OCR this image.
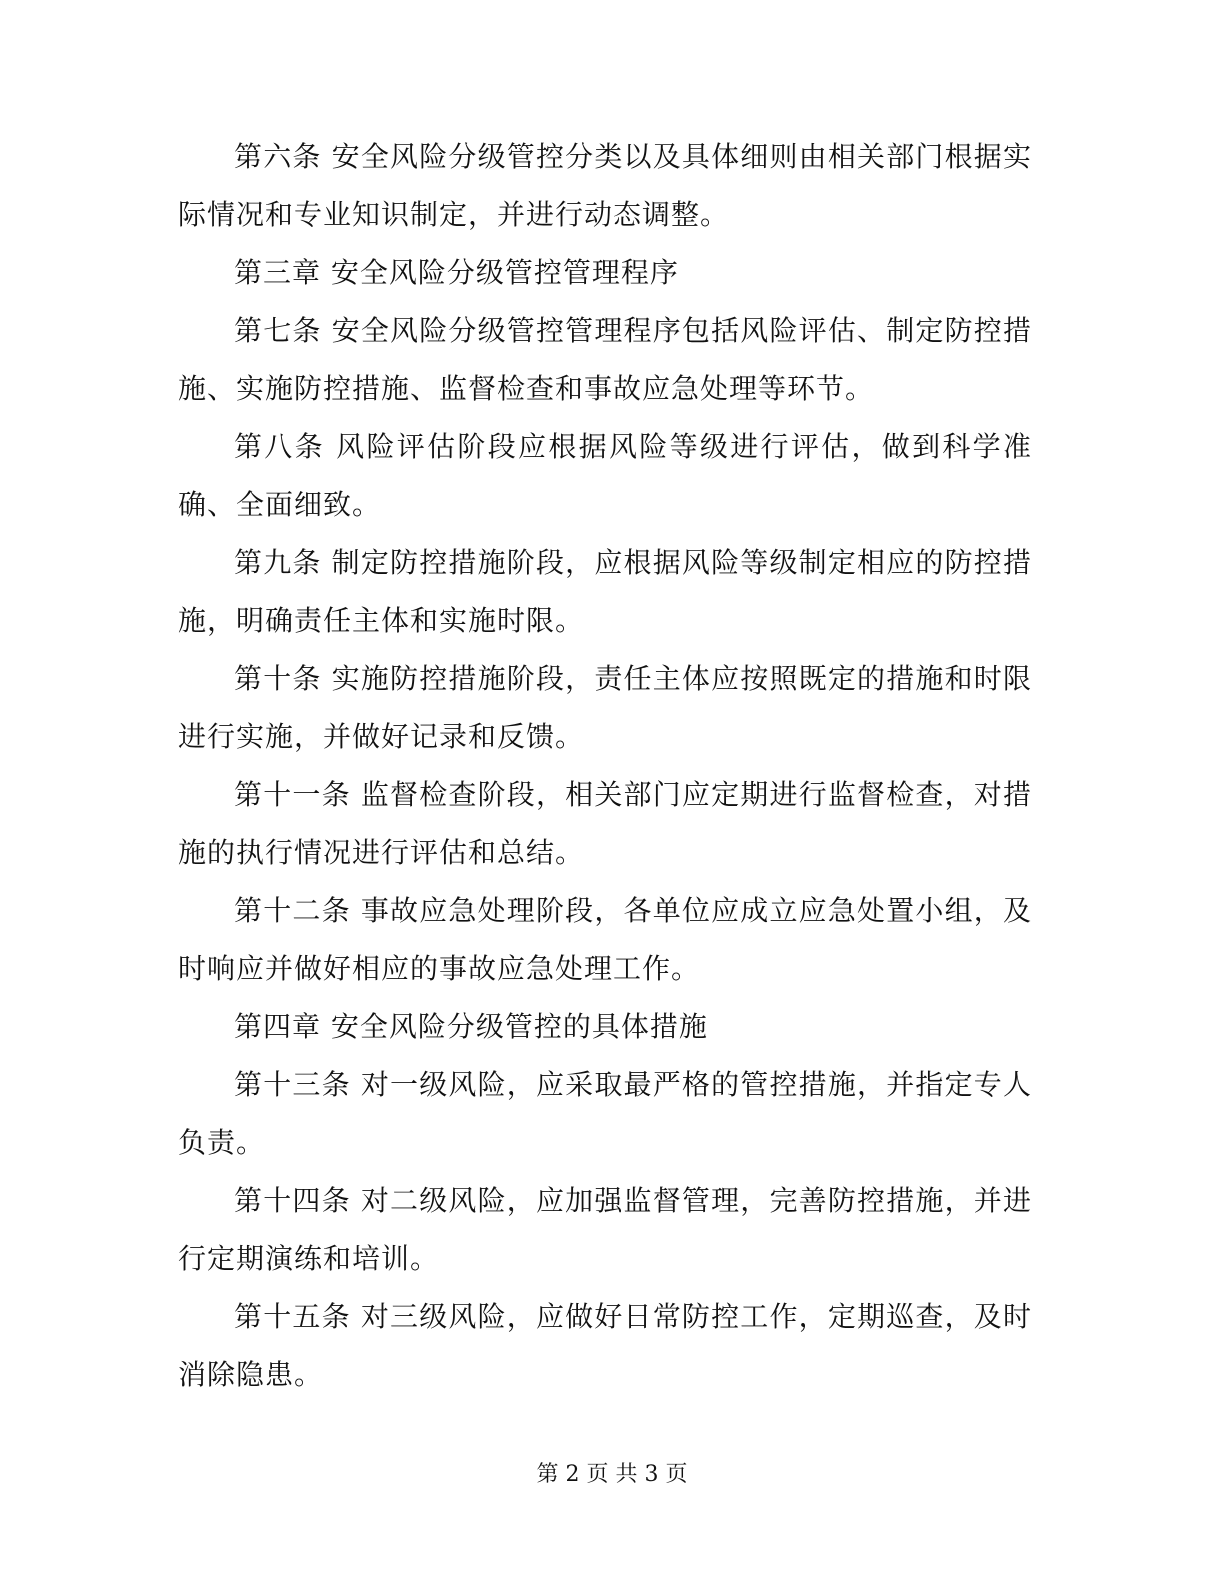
第六条 安全风险分级管控分类以及具体细则由相关部门根据实际情况和专业知识制定，并进行动态调整。

第三章 安全风险分级管控管理程序

第七条 安全风险分级管控管理程序包括风险评估、制定防控措施、实施防控措施、监督检查和事故应急处理等环节。

第八条 风险评估阶段应根据风险等级进行评估，做到科学准确、全面细致。

第九条 制定防控措施阶段，应根据风险等级制定相应的防控措施，明确责任主体和实施时限。

第十条 实施防控措施阶段，责任主体应按照既定的措施和时限进行实施，并做好记录和反馈。

第十一条 监督检查阶段，相关部门应定期进行监督检查，对措施的执行情况进行评估和总结。

第十二条 事故应急处理阶段，各单位应成立应急处置小组，及时响应并做好相应的事故应急处理工作。

第四章 安全风险分级管控的具体措施

第十三条 对一级风险，应采取最严格的管控措施，并指定专人负责。

第十四条 对二级风险，应加强监督管理，完善防控措施，并进行定期演练和培训。

第十五条 对三级风险，应做好日常防控工作，定期巡查，及时消除隐患。

第 2 页 共 3 页
